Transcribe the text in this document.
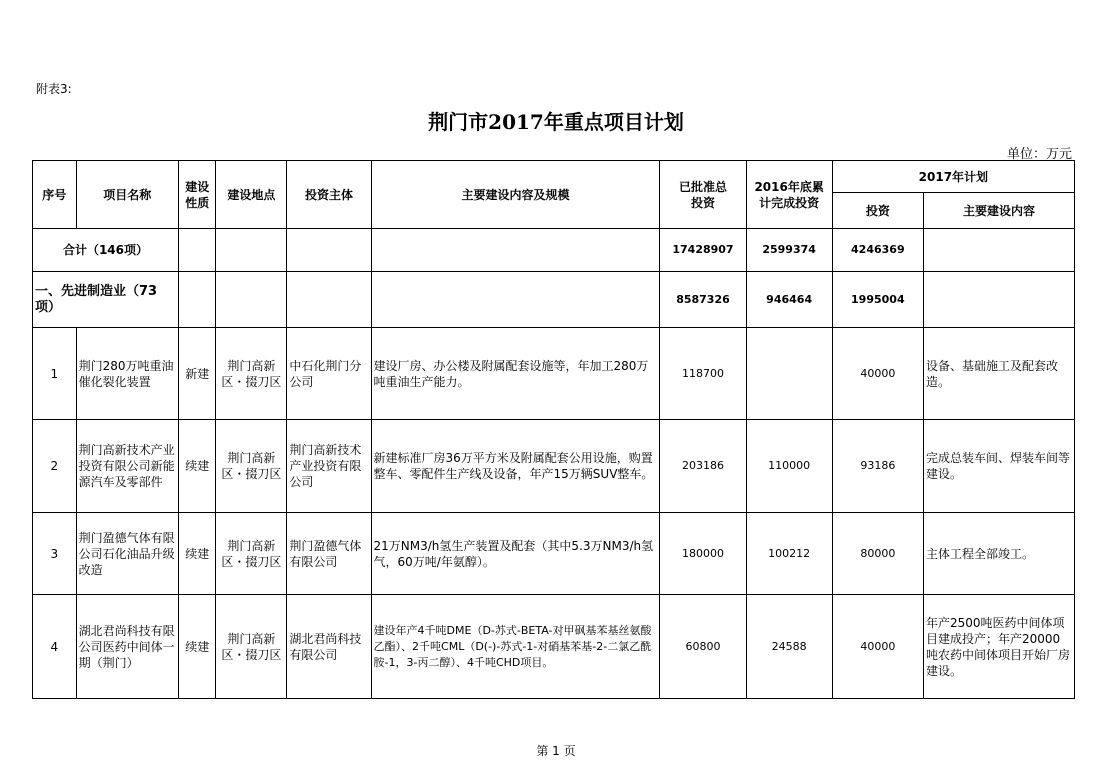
附表3:
荆门市2017年重点项目计划
单位：万元
序号	项目名称	建设性质	建设地点	投资主体	主要建设内容及规模	已批准总投资	2016年底累计完成投资	2017年计划	
								投资	主要建设内容
合计（146项）						17428907	2599374	4246369	
一、先进制造业（73项）						8587326	946464	1995004	
1	荆门280万吨重油催化裂化装置	新建	荆门高新区・掇刀区	中石化荆门分公司	建设厂房、办公楼及附属配套设施等，年加工280万吨重油生产能力。	118700		40000	设备、基础施工及配套改造。
2	荆门高新技术产业投资有限公司新能源汽车及零部件	续建	荆门高新区・掇刀区	荆门高新技术产业投资有限公司	新建标准厂房36万平方米及附属配套公用设施，购置整车、零配件生产线及设备，年产15万辆SUV整车。	203186	110000	93186	完成总装车间、焊装车间等建设。
3	荆门盈德气体有限公司石化油品升级改造	续建	荆门高新区・掇刀区	荆门盈德气体有限公司	21万NM3/h氢生产装置及配套（其中5.3万NM3/h氢气，60万吨/年氨醇）。	180000	100212	80000	主体工程全部竣工。
4	湖北君尚科技有限公司医药中间体一期（荆门）	续建	荆门高新区・掇刀区	湖北君尚科技有限公司	建设年产4千吨DME（D-苏式-BETA-对甲砜基苯基丝氨酸乙酯）、2千吨CML（D(-)-苏式-1-对硝基苯基-2-二氯乙酰胺-1，3-丙二醇）、4千吨CHD项目。	60800	24588	40000	年产2500吨医药中间体项目建成投产；年产20000吨农药中间体项目开始厂房建设。
第 1 页
